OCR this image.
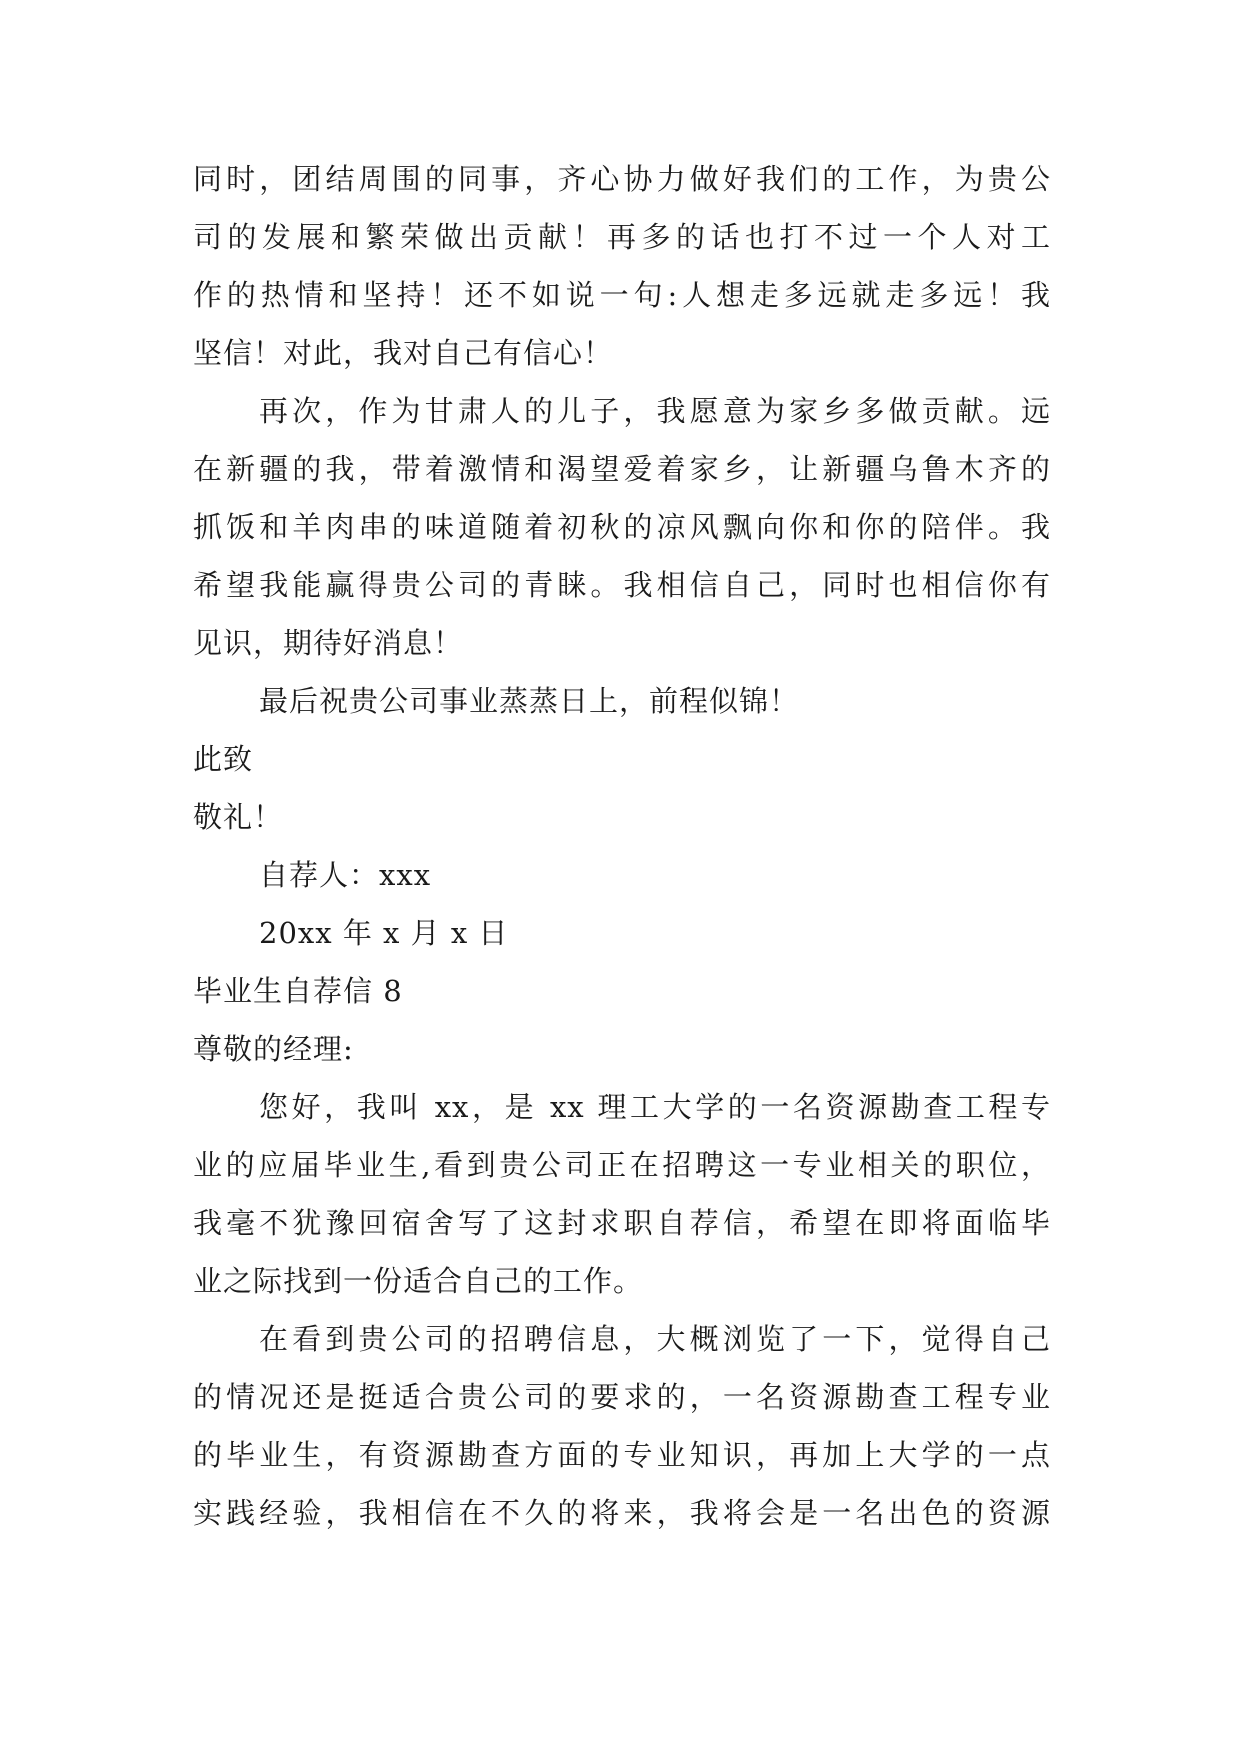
同时，团结周围的同事，齐心协力做好我们的工作，为贵公
司的发展和繁荣做出贡献！再多的话也打不过一个人对工
作的热情和坚持！还不如说一句:人想走多远就走多远！我
坚信！对此，我对自己有信心！
再次，作为甘肃人的儿子，我愿意为家乡多做贡献。远
在新疆的我，带着激情和渴望爱着家乡，让新疆乌鲁木齐的
抓饭和羊肉串的味道随着初秋的凉风飘向你和你的陪伴。我
希望我能赢得贵公司的青睐。我相信自己，同时也相信你有
见识，期待好消息！
最后祝贵公司事业蒸蒸日上，前程似锦！
此致
敬礼！
自荐人：xxx
20xx 年 x 月 x 日
毕业生自荐信 8
尊敬的经理:
您好，我叫 xx，是 xx 理工大学的一名资源勘查工程专
业的应届毕业生,看到贵公司正在招聘这一专业相关的职位，
我毫不犹豫回宿舍写了这封求职自荐信，希望在即将面临毕
业之际找到一份适合自己的工作。
在看到贵公司的招聘信息，大概浏览了一下，觉得自己
的情况还是挺适合贵公司的要求的，一名资源勘查工程专业
的毕业生，有资源勘查方面的专业知识，再加上大学的一点
实践经验，我相信在不久的将来，我将会是一名出色的资源
